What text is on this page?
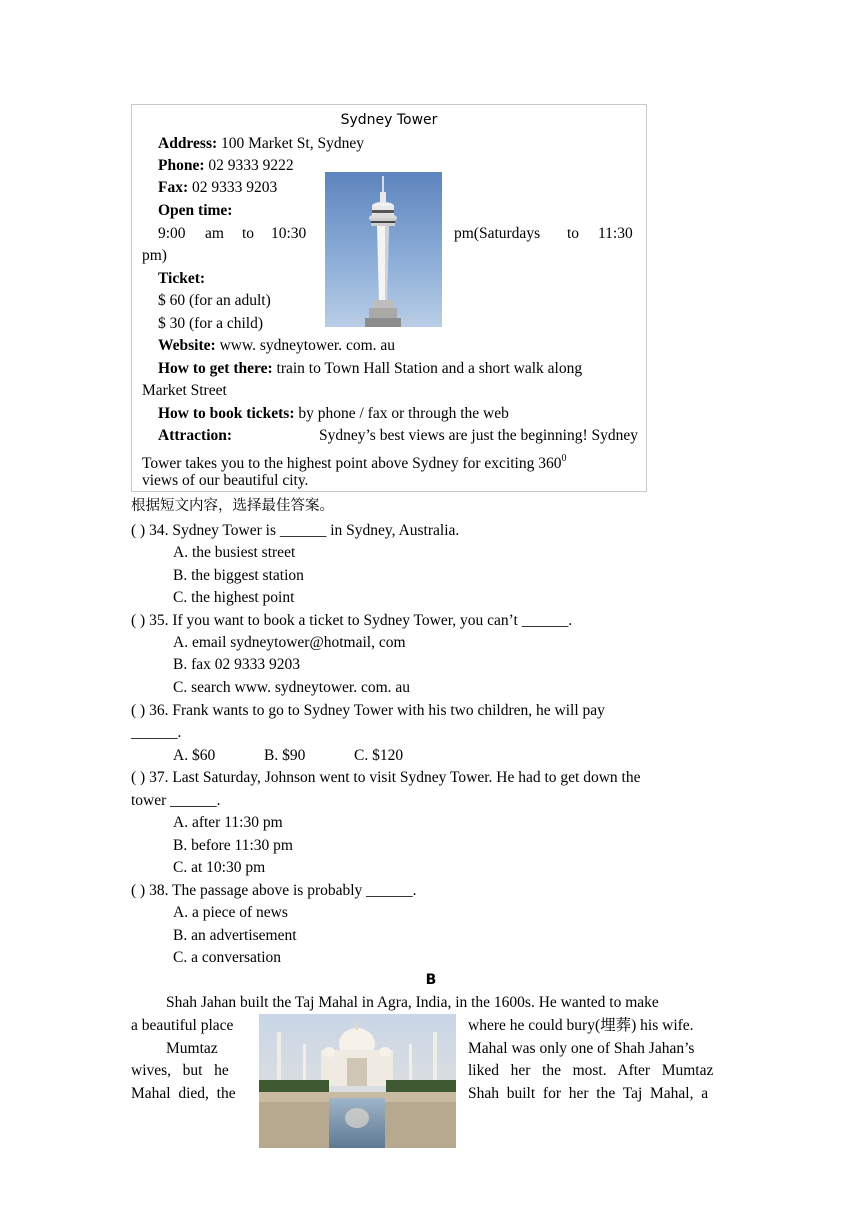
Sydney Tower
Address: 100 Market St, Sydney
Phone: 02 9333 9222
Fax: 02 9333 9203
Open time:
9:00 am to 10:30	pm(Saturdays to 11:30
pm)
Ticket:
$ 60 (for an adult)
$ 30 (for a child)
Website: www. sydneytower. com. au
How to get there: train to Town Hall Station and a short walk along
Market Street
How to book tickets: by phone / fax or through the web
Attraction:	Sydney’s best views are just the beginning! Sydney
Tower takes you to the highest point above Sydney for exciting $360^0$
views of our beautiful city.
根据短文内容，选择最佳答案。
( ) 34. Sydney Tower is ______ in Sydney, Australia.
A. the busiest street
B. the biggest station
C. the highest point
( ) 35. If you want to book a ticket to Sydney Tower, you can’t ______.
A. email sydneytower@hotmail, com
B. fax 02 9333 9203
C. search www. sydneytower. com. au
( ) 36. Frank wants to go to Sydney Tower with his two children, he will pay
______.
A. $60	B. $90	C. $120
( ) 37. Last Saturday, Johnson went to visit Sydney Tower. He had to get down the
tower ______.
A. after 11:30 pm
B. before 11:30 pm
C. at 10:30 pm
( ) 38. The passage above is probably ______.
A. a piece of news
B. an advertisement
C. a conversation
B
Shah Jahan built the Taj Mahal in Agra, India, in the 1600s. He wanted to make
a beautiful place	where he could bury(埋葬) his wife.
Mumtaz	Mahal was only one of Shah Jahan’s
wives,   but   he	liked   her   the   most.   After   Mumtaz
Mahal  died,  the	Shah  built  for  her  the  Taj  Mahal,  a
